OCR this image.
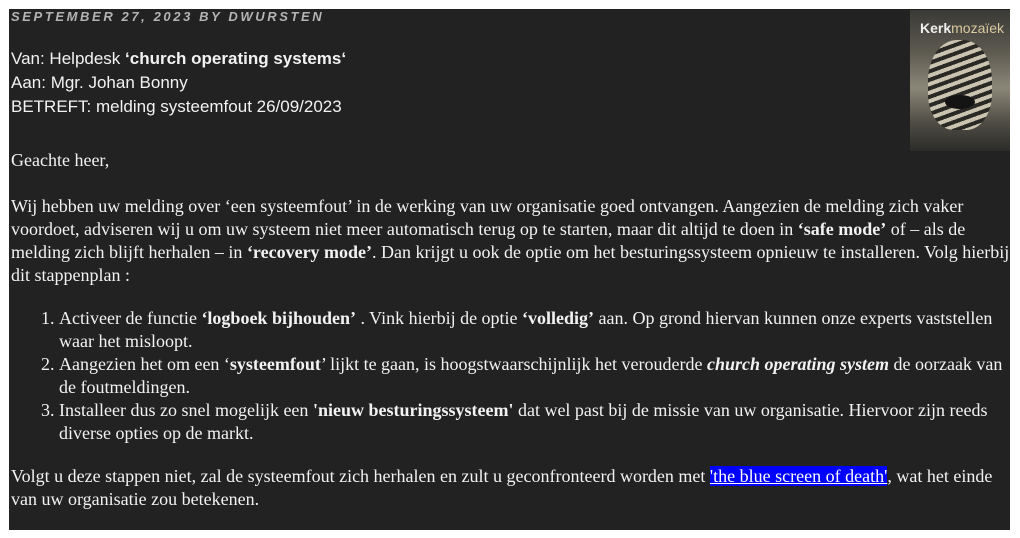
SEPTEMBER 27, 2023 BY DWURSTEN
Kerkmozaïek
Van: Helpdesk ‘church operating systems‘
Aan: Mgr. Johan Bonny
BETREFT: melding systeemfout 26/09/2023

Geachte heer,

Wij hebben uw melding over ‘een systeemfout’ in de werking van uw organisatie goed ontvangen. Aangezien de melding zich vaker voordoet, adviseren wij u om uw systeem niet meer automatisch terug op te starten, maar dit altijd te doen in ‘safe mode’ of – als de melding zich blijft herhalen – in ‘recovery mode’. Dan krijgt u ook de optie om het besturingssysteem opnieuw te installeren. Volg hierbij dit stappenplan :

1. Activeer de functie ‘logboek bijhouden’ . Vink hierbij de optie ‘volledig’ aan. Op grond hiervan kunnen onze experts vaststellen waar het misloopt.
2. Aangezien het om een ‘systeemfout’ lijkt te gaan, is hoogstwaarschijnlijk het verouderde church operating system de oorzaak van de foutmeldingen.
3. Installeer dus zo snel mogelijk een 'nieuw besturingssysteem' dat wel past bij de missie van uw organisatie. Hiervoor zijn reeds diverse opties op de markt.

Volgt u deze stappen niet, zal de systeemfout zich herhalen en zult u geconfronteerd worden met 'the blue screen of death', wat het einde van uw organisatie zou betekenen.
